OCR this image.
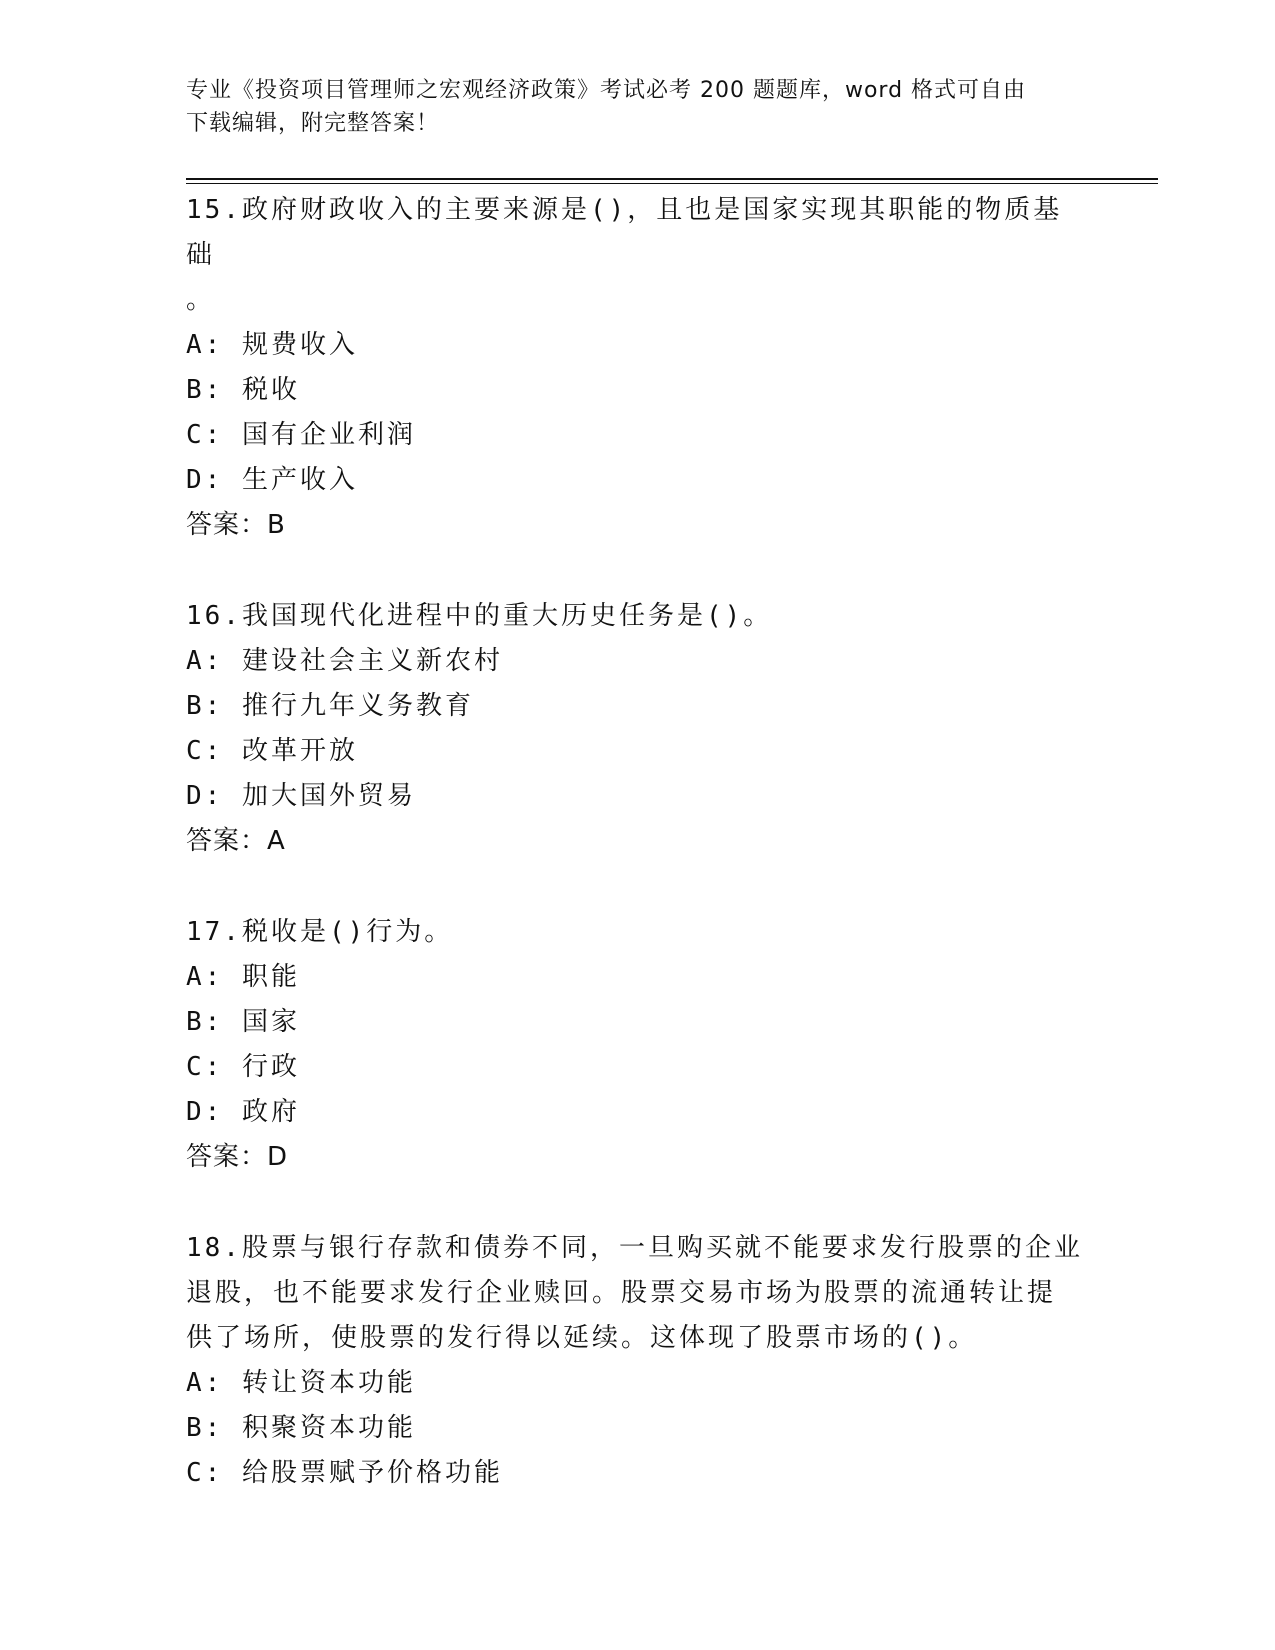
专业《投资项目管理师之宏观经济政策》考试必考 200 题题库，word 格式可自由
下载编辑，附完整答案！
15.政府财政收入的主要来源是()，且也是国家实现其职能的物质基础
。
A: 规费收入
B: 税收
C: 国有企业利润
D: 生产收入
答案：B
16.我国现代化进程中的重大历史任务是()。
A: 建设社会主义新农村
B: 推行九年义务教育
C: 改革开放
D: 加大国外贸易
答案：A
17.税收是()行为。
A: 职能
B: 国家
C: 行政
D: 政府
答案：D
18.股票与银行存款和债券不同，一旦购买就不能要求发行股票的企业
退股，也不能要求发行企业赎回。股票交易市场为股票的流通转让提
供了场所，使股票的发行得以延续。这体现了股票市场的()。
A: 转让资本功能
B: 积聚资本功能
C: 给股票赋予价格功能
